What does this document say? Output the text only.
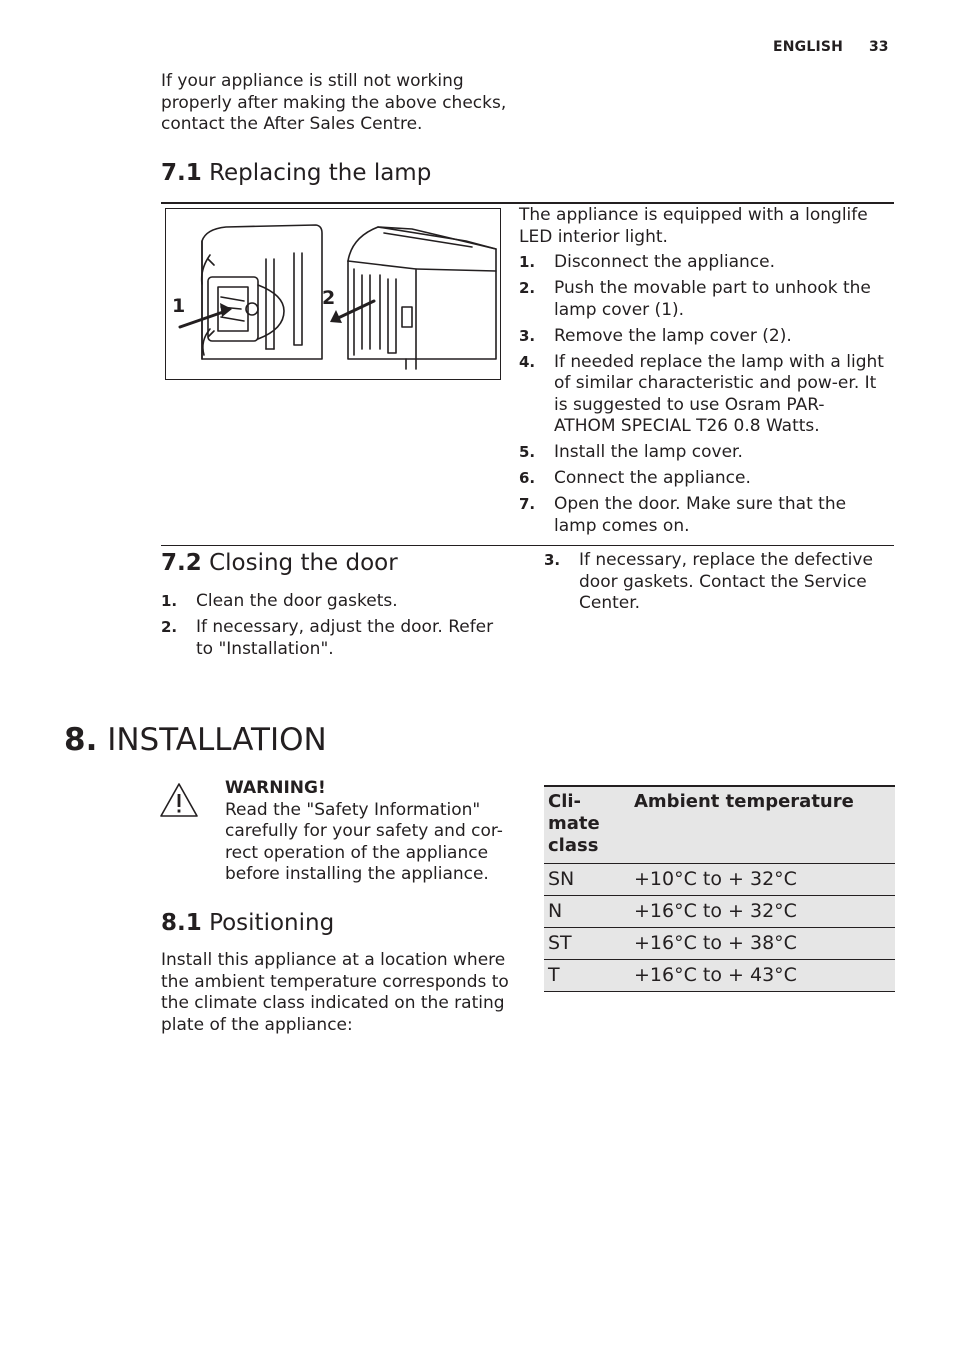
ENGLISH 33
If your appliance is still not working properly after making the above checks, contact the After Sales Centre.
7.1 Replacing the lamp
1	2
The appliance is equipped with a longlife LED interior light.
1. Disconnect the appliance.
2. Push the movable part to unhook the lamp cover (1).
3. Remove the lamp cover (2).
4. If needed replace the lamp with a light of similar characteristic and pow-er. It is suggested to use Osram PAR-ATHOM SPECIAL T26 0.8 Watts.
5. Install the lamp cover.
6. Connect the appliance.
7. Open the door. Make sure that the lamp comes on.
7.2 Closing the door
1. Clean the door gaskets.
2. If necessary, adjust the door. Refer to "Installation".
3. If necessary, replace the defective door gaskets. Contact the Service Center.
8. INSTALLATION
WARNING!
Read the "Safety Information" carefully for your safety and cor-rect operation of the appliance before installing the appliance.
8.1 Positioning
Install this appliance at a location where the ambient temperature corresponds to the climate class indicated on the rating plate of the appliance:
Cli-mate class	Ambient temperature
SN	+10°C to + 32°C
N	+16°C to + 32°C
ST	+16°C to + 38°C
T	+16°C to + 43°C
